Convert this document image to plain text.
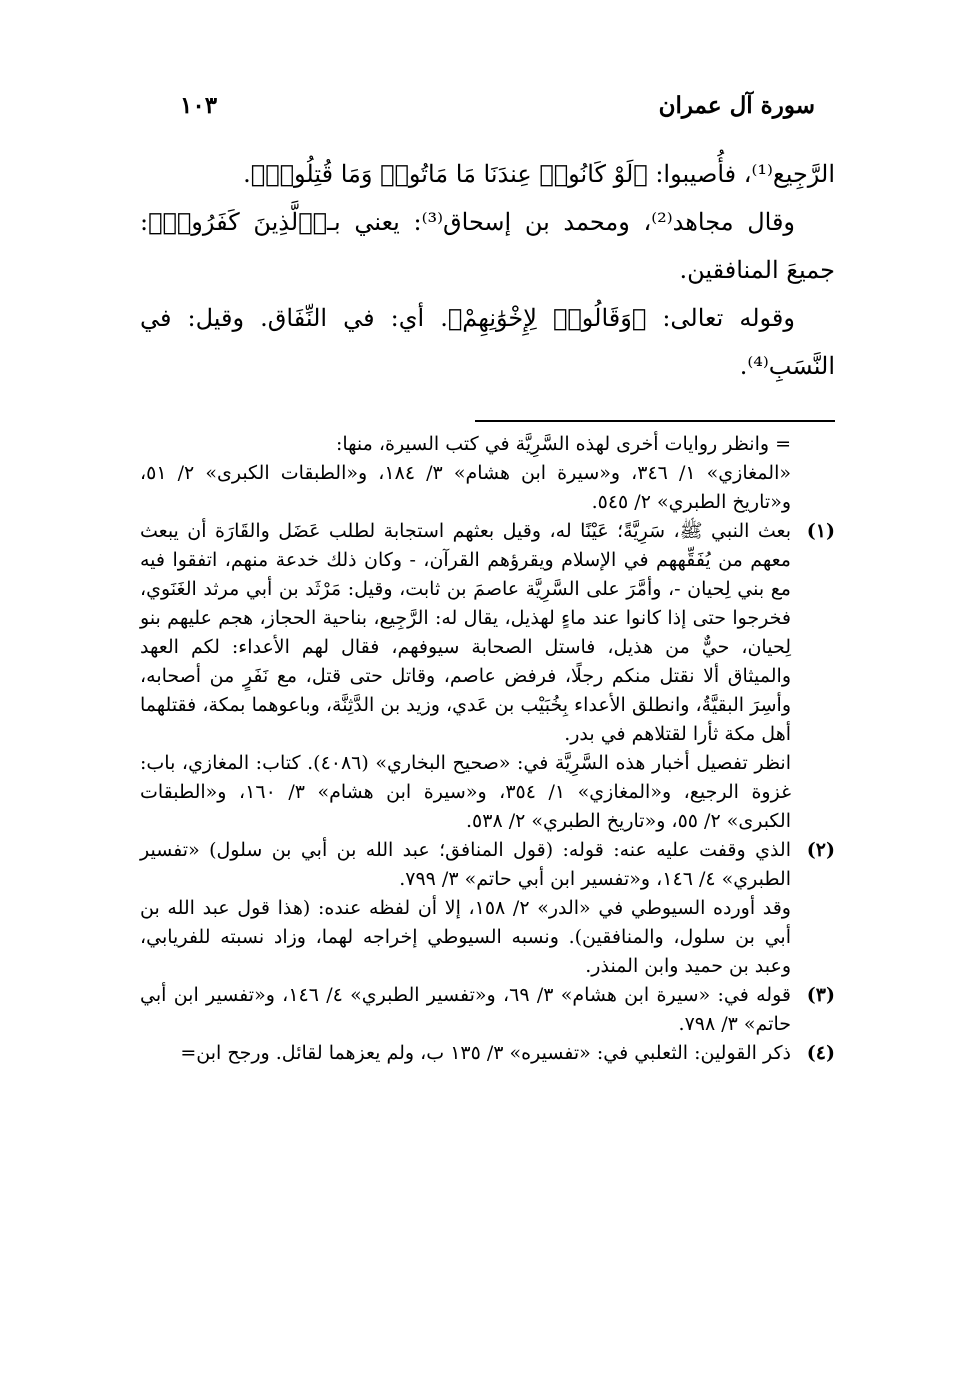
سورة آل عمران
١٠٣

الرَّجِيع⁽¹⁾، فأُصيبوا: ﴿لَوْ كَانُوا۟ عِندَنَا مَا مَاتُوا۟ وَمَا قُتِلُوا۟﴾.

وقال مجاهد⁽²⁾، ومحمد بن إسحاق⁽³⁾: يعني بـ﴿ٱلَّذِينَ كَفَرُوا۟﴾: جميعَ المنافقين.

وقوله تعالى: ﴿وَقَالُوا۟ لِإِخْوَٰنِهِمْ﴾. أي: في النِّفَاق. وقيل: في النَّسَبِ⁽⁴⁾.

= وانظر روايات أخرى لهذه السَّرِيَّة في كتب السيرة، منها:

«المغازي» ١/ ٣٤٦، و«سيرة ابن هشام» ٣/ ١٨٤، و«الطبقات الكبرى» ٢/ ٥١، و«تاريخ الطبري» ٢/ ٥٤٥.

(١)

بعث النبي ﷺ، سَرِيَّةً؛ عَيْنًا له، وقيل بعثهم استجابة لطلب عَضَل والقَارَة أن يبعث معهم من يُفَقِّههم في الإسلام ويقرؤهم القرآن، - وكان ذلك خدعة منهم، اتفقوا فيه مع بني لِحيان -، وأمَّرَ على السَّرِيَّة عاصمَ بن ثابت، وقيل: مَرْثَد بن أبي مرثد الغَنَوي، فخرجوا حتى إذا كانوا عند ماءٍ لهذيل، يقال له: الرَّجِيع، بناحية الحجاز، هجم عليهم بنو لِحيان، حيٌّ من هذيل، فاستل الصحابة سيوفهم، فقال لهم الأعداء: لكم العهد والميثاق ألا نقتل منكم رجلًا، فرفض عاصم، وقاتل حتى قتل، مع نَفَرٍ من أصحابه، وأسِرَ البقيَّةُ، وانطلق الأعداء بِخُبَيْب بن عَدي، وزيد بن الدَّثِنَّة، وباعوهما بمكة، فقتلهما أهل مكة ثأرا لقتلاهم في بدر.

انظر تفصيل أخبار هذه السَّرِيَّة في: «صحيح البخاري» (٤٠٨٦). كتاب: المغازي، باب: غزوة الرجيع، و«المغازي» ١/ ٣٥٤، و«سيرة ابن هشام» ٣/ ١٦٠، و«الطبقات الكبرى» ٢/ ٥٥، و«تاريخ الطبري» ٢/ ٥٣٨.

(٢)

الذي وقفت عليه عنه: قوله: (قول المنافق؛ عبد الله بن أبي بن سلول) «تفسير الطبري» ٤/ ١٤٦، و«تفسير ابن أبي حاتم» ٣/ ٧٩٩.

وقد أورده السيوطي في «الدر» ٢/ ١٥٨، إلا أن لفظه عنده: (هذا قول عبد الله بن أبي بن سلول، والمنافقين). ونسبه السيوطي إخراجه لهما، وزاد نسبته للفريابي، وعبد بن حميد وابن المنذر.

(٣)

قوله في: «سيرة ابن هشام» ٣/ ٦٩، و«تفسير الطبري» ٤/ ١٤٦، و«تفسير ابن أبي حاتم» ٣/ ٧٩٨.

(٤)

ذكر القولين: الثعلبي في: «تفسيره» ٣/ ١٣٥ ب، ولم يعزهما لقائل. ورجح ابن=
